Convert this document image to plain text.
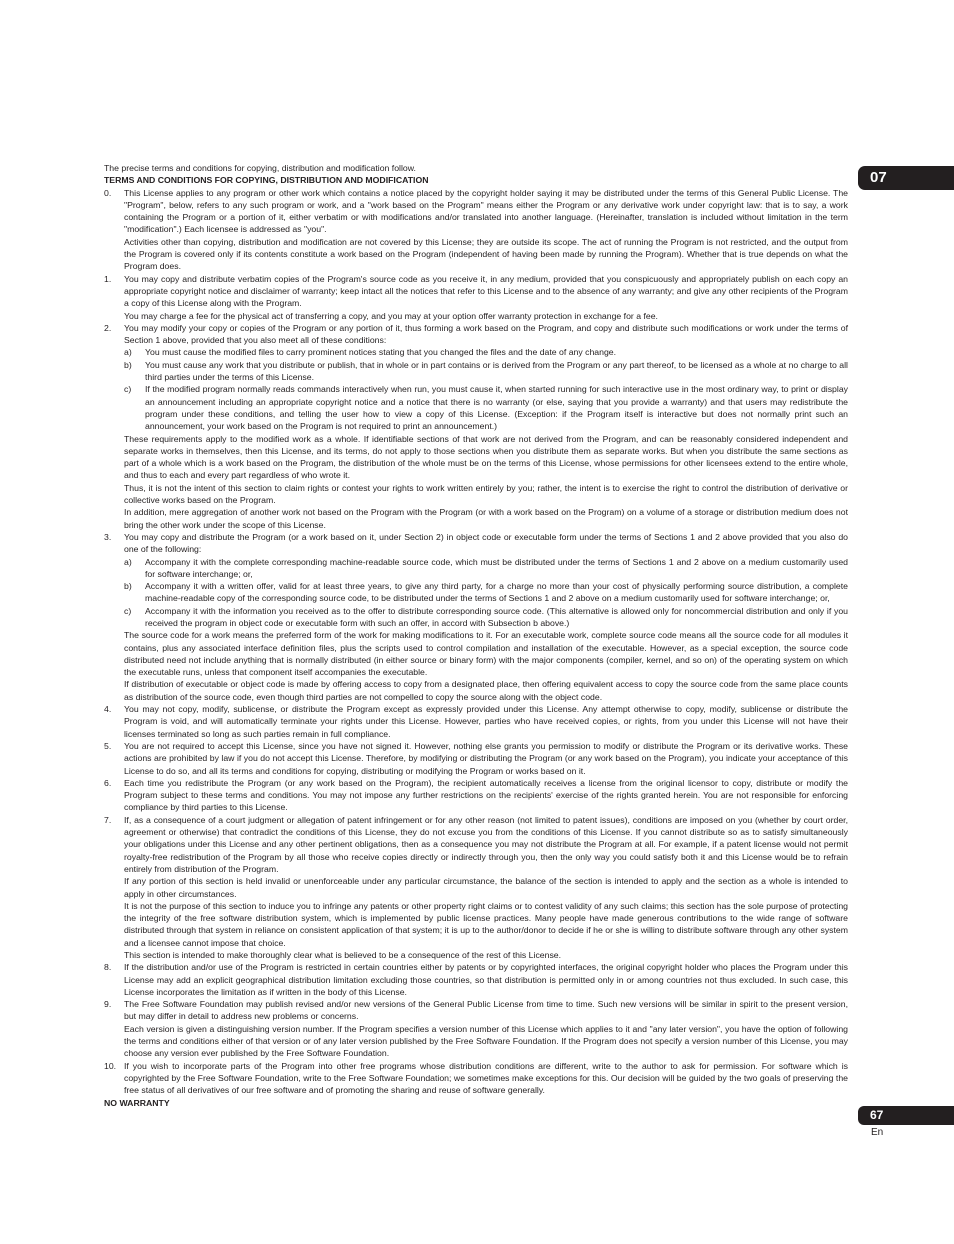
07
67
En

The precise terms and conditions for copying, distribution and modification follow.

TERMS AND CONDITIONS FOR COPYING, DISTRIBUTION AND MODIFICATION

0. This License applies to any program or other work which contains a notice placed by the copyright holder saying it may be distributed under the terms of this General Public License. The "Program", below, refers to any such program or work, and a "work based on the Program" means either the Program or any derivative work under copyright law: that is to say, a work containing the Program or a portion of it, either verbatim or with modifications and/or translated into another language. (Hereinafter, translation is included without limitation in the term "modification".) Each licensee is addressed as "you".

Activities other than copying, distribution and modification are not covered by this License; they are outside its scope. The act of running the Program is not restricted, and the output from the Program is covered only if its contents constitute a work based on the Program (independent of having been made by running the Program). Whether that is true depends on what the Program does.

1. You may copy and distribute verbatim copies of the Program's source code as you receive it, in any medium, provided that you conspicuously and appropriately publish on each copy an appropriate copyright notice and disclaimer of warranty; keep intact all the notices that refer to this License and to the absence of any warranty; and give any other recipients of the Program a copy of this License along with the Program.

You may charge a fee for the physical act of transferring a copy, and you may at your option offer warranty protection in exchange for a fee.

2. You may modify your copy or copies of the Program or any portion of it, thus forming a work based on the Program, and copy and distribute such modifications or work under the terms of Section 1 above, provided that you also meet all of these conditions:

a) You must cause the modified files to carry prominent notices stating that you changed the files and the date of any change.

b) You must cause any work that you distribute or publish, that in whole or in part contains or is derived from the Program or any part thereof, to be licensed as a whole at no charge to all third parties under the terms of this License.

c) If the modified program normally reads commands interactively when run, you must cause it, when started running for such interactive use in the most ordinary way, to print or display an announcement including an appropriate copyright notice and a notice that there is no warranty (or else, saying that you provide a warranty) and that users may redistribute the program under these conditions, and telling the user how to view a copy of this License. (Exception: if the Program itself is interactive but does not normally print such an announcement, your work based on the Program is not required to print an announcement.)

These requirements apply to the modified work as a whole. If identifiable sections of that work are not derived from the Program, and can be reasonably considered independent and separate works in themselves, then this License, and its terms, do not apply to those sections when you distribute them as separate works. But when you distribute the same sections as part of a whole which is a work based on the Program, the distribution of the whole must be on the terms of this License, whose permissions for other licensees extend to the entire whole, and thus to each and every part regardless of who wrote it.

Thus, it is not the intent of this section to claim rights or contest your rights to work written entirely by you; rather, the intent is to exercise the right to control the distribution of derivative or collective works based on the Program.

In addition, mere aggregation of another work not based on the Program with the Program (or with a work based on the Program) on a volume of a storage or distribution medium does not bring the other work under the scope of this License.

3. You may copy and distribute the Program (or a work based on it, under Section 2) in object code or executable form under the terms of Sections 1 and 2 above provided that you also do one of the following:

a) Accompany it with the complete corresponding machine-readable source code, which must be distributed under the terms of Sections 1 and 2 above on a medium customarily used for software interchange; or,

b) Accompany it with a written offer, valid for at least three years, to give any third party, for a charge no more than your cost of physically performing source distribution, a complete machine-readable copy of the corresponding source code, to be distributed under the terms of Sections 1 and 2 above on a medium customarily used for software interchange; or,

c) Accompany it with the information you received as to the offer to distribute corresponding source code. (This alternative is allowed only for noncommercial distribution and only if you received the program in object code or executable form with such an offer, in accord with Subsection b above.)

The source code for a work means the preferred form of the work for making modifications to it. For an executable work, complete source code means all the source code for all modules it contains, plus any associated interface definition files, plus the scripts used to control compilation and installation of the executable. However, as a special exception, the source code distributed need not include anything that is normally distributed (in either source or binary form) with the major components (compiler, kernel, and so on) of the operating system on which the executable runs, unless that component itself accompanies the executable.

If distribution of executable or object code is made by offering access to copy from a designated place, then offering equivalent access to copy the source code from the same place counts as distribution of the source code, even though third parties are not compelled to copy the source along with the object code.

4. You may not copy, modify, sublicense, or distribute the Program except as expressly provided under this License. Any attempt otherwise to copy, modify, sublicense or distribute the Program is void, and will automatically terminate your rights under this License. However, parties who have received copies, or rights, from you under this License will not have their licenses terminated so long as such parties remain in full compliance.

5. You are not required to accept this License, since you have not signed it. However, nothing else grants you permission to modify or distribute the Program or its derivative works. These actions are prohibited by law if you do not accept this License. Therefore, by modifying or distributing the Program (or any work based on the Program), you indicate your acceptance of this License to do so, and all its terms and conditions for copying, distributing or modifying the Program or works based on it.

6. Each time you redistribute the Program (or any work based on the Program), the recipient automatically receives a license from the original licensor to copy, distribute or modify the Program subject to these terms and conditions. You may not impose any further restrictions on the recipients' exercise of the rights granted herein. You are not responsible for enforcing compliance by third parties to this License.

7. If, as a consequence of a court judgment or allegation of patent infringement or for any other reason (not limited to patent issues), conditions are imposed on you (whether by court order, agreement or otherwise) that contradict the conditions of this License, they do not excuse you from the conditions of this License. If you cannot distribute so as to satisfy simultaneously your obligations under this License and any other pertinent obligations, then as a consequence you may not distribute the Program at all. For example, if a patent license would not permit royalty-free redistribution of the Program by all those who receive copies directly or indirectly through you, then the only way you could satisfy both it and this License would be to refrain entirely from distribution of the Program.

If any portion of this section is held invalid or unenforceable under any particular circumstance, the balance of the section is intended to apply and the section as a whole is intended to apply in other circumstances.

It is not the purpose of this section to induce you to infringe any patents or other property right claims or to contest validity of any such claims; this section has the sole purpose of protecting the integrity of the free software distribution system, which is implemented by public license practices. Many people have made generous contributions to the wide range of software distributed through that system in reliance on consistent application of that system; it is up to the author/donor to decide if he or she is willing to distribute software through any other system and a licensee cannot impose that choice.

This section is intended to make thoroughly clear what is believed to be a consequence of the rest of this License.

8. If the distribution and/or use of the Program is restricted in certain countries either by patents or by copyrighted interfaces, the original copyright holder who places the Program under this License may add an explicit geographical distribution limitation excluding those countries, so that distribution is permitted only in or among countries not thus excluded. In such case, this License incorporates the limitation as if written in the body of this License.

9. The Free Software Foundation may publish revised and/or new versions of the General Public License from time to time. Such new versions will be similar in spirit to the present version, but may differ in detail to address new problems or concerns.

Each version is given a distinguishing version number. If the Program specifies a version number of this License which applies to it and "any later version", you have the option of following the terms and conditions either of that version or of any later version published by the Free Software Foundation. If the Program does not specify a version number of this License, you may choose any version ever published by the Free Software Foundation.

10. If you wish to incorporate parts of the Program into other free programs whose distribution conditions are different, write to the author to ask for permission. For software which is copyrighted by the Free Software Foundation, write to the Free Software Foundation; we sometimes make exceptions for this. Our decision will be guided by the two goals of preserving the free status of all derivatives of our free software and of promoting the sharing and reuse of software generally.

NO WARRANTY
